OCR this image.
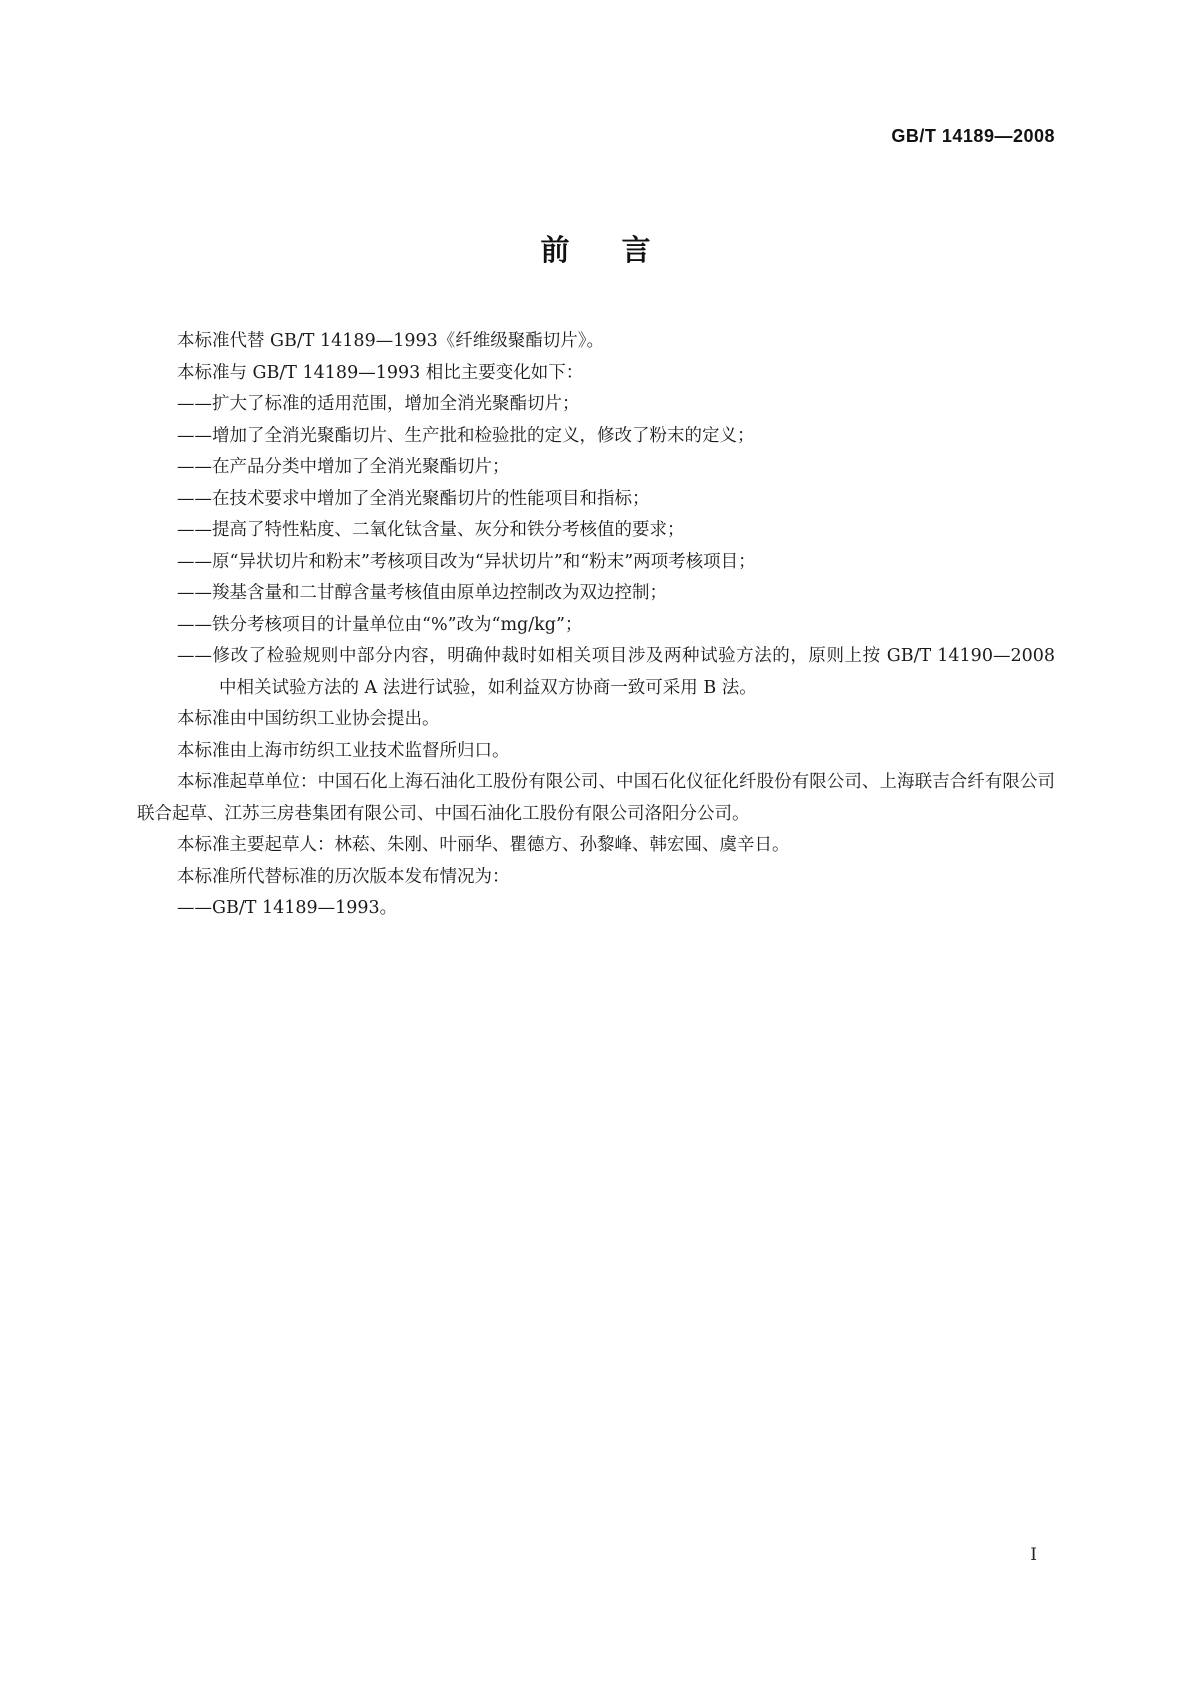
GB/T 14189—2008
前言

本标准代替 GB/T 14189—1993《纤维级聚酯切片》。

本标准与 GB/T 14189—1993 相比主要变化如下：

——扩大了标准的适用范围，增加全消光聚酯切片；

——增加了全消光聚酯切片、生产批和检验批的定义，修改了粉末的定义；

——在产品分类中增加了全消光聚酯切片；

——在技术要求中增加了全消光聚酯切片的性能项目和指标；

——提高了特性粘度、二氧化钛含量、灰分和铁分考核值的要求；

——原“异状切片和粉末”考核项目改为“异状切片”和“粉末”两项考核项目；

——羧基含量和二甘醇含量考核值由原单边控制改为双边控制；

——铁分考核项目的计量单位由“%”改为“mg/kg”；

——修改了检验规则中部分内容，明确仲裁时如相关项目涉及两种试验方法的，原则上按 GB/T 14190—2008 中相关试验方法的 A 法进行试验，如利益双方协商一致可采用 B 法。

本标准由中国纺织工业协会提出。

本标准由上海市纺织工业技术监督所归口。

本标准起草单位：中国石化上海石油化工股份有限公司、中国石化仪征化纤股份有限公司、上海联吉合纤有限公司联合起草、江苏三房巷集团有限公司、中国石油化工股份有限公司洛阳分公司。

本标准主要起草人：林菘、朱刚、叶丽华、瞿德方、孙黎峰、韩宏囤、虞辛日。

本标准所代替标准的历次版本发布情况为：

——GB/T 14189—1993。

I
